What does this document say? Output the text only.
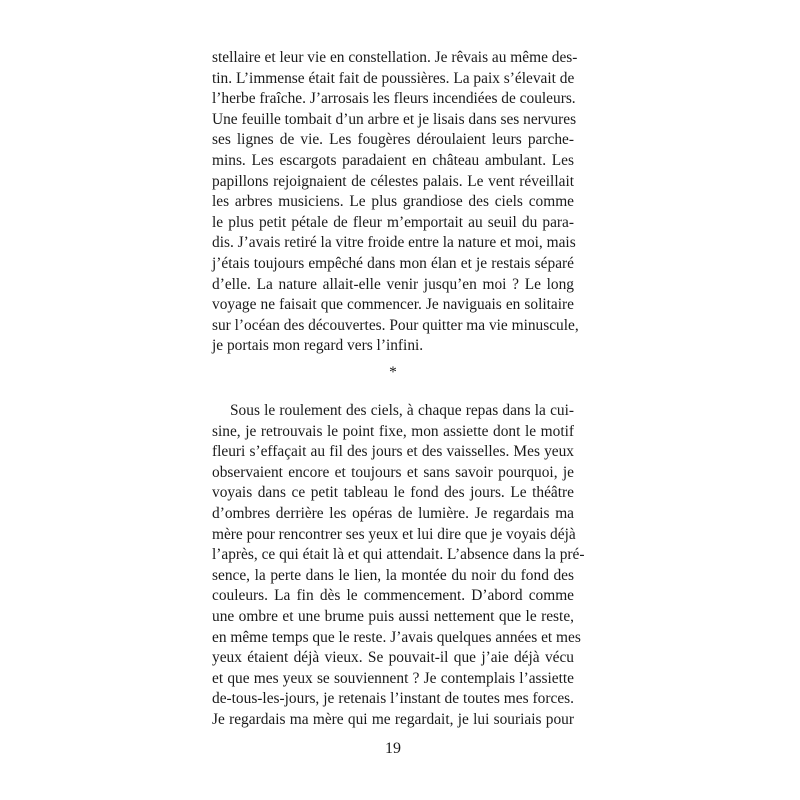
stellaire et leur vie en constellation. Je rêvais au même des-
tin. L’immense était fait de poussières. La paix s’élevait de
l’herbe fraîche. J’arrosais les fleurs incendiées de couleurs.
Une feuille tombait d’un arbre et je lisais dans ses nervures
ses lignes de vie. Les fougères déroulaient leurs parche-
mins. Les escargots paradaient en château ambulant. Les
papillons rejoignaient de célestes palais. Le vent réveillait
les arbres musiciens. Le plus grandiose des ciels comme
le plus petit pétale de fleur m’emportait au seuil du para-
dis. J’avais retiré la vitre froide entre la nature et moi, mais
j’étais toujours empêché dans mon élan et je restais séparé
d’elle. La nature allait-elle venir jusqu’en moi ? Le long
voyage ne faisait que commencer. Je naviguais en solitaire
sur l’océan des découvertes. Pour quitter ma vie minuscule,
je portais mon regard vers l’infini.
*
Sous le roulement des ciels, à chaque repas dans la cui-
sine, je retrouvais le point fixe, mon assiette dont le motif
fleuri s’effaçait au fil des jours et des vaisselles. Mes yeux
observaient encore et toujours et sans savoir pourquoi, je
voyais dans ce petit tableau le fond des jours. Le théâtre
d’ombres derrière les opéras de lumière. Je regardais ma
mère pour rencontrer ses yeux et lui dire que je voyais déjà
l’après, ce qui était là et qui attendait. L’absence dans la pré-
sence, la perte dans le lien, la montée du noir du fond des
couleurs. La fin dès le commencement. D’abord comme
une ombre et une brume puis aussi nettement que le reste,
en même temps que le reste. J’avais quelques années et mes
yeux étaient déjà vieux. Se pouvait-il que j’aie déjà vécu
et que mes yeux se souviennent ? Je contemplais l’assiette
de-tous-les-jours, je retenais l’instant de toutes mes forces.
Je regardais ma mère qui me regardait, je lui souriais pour
19
